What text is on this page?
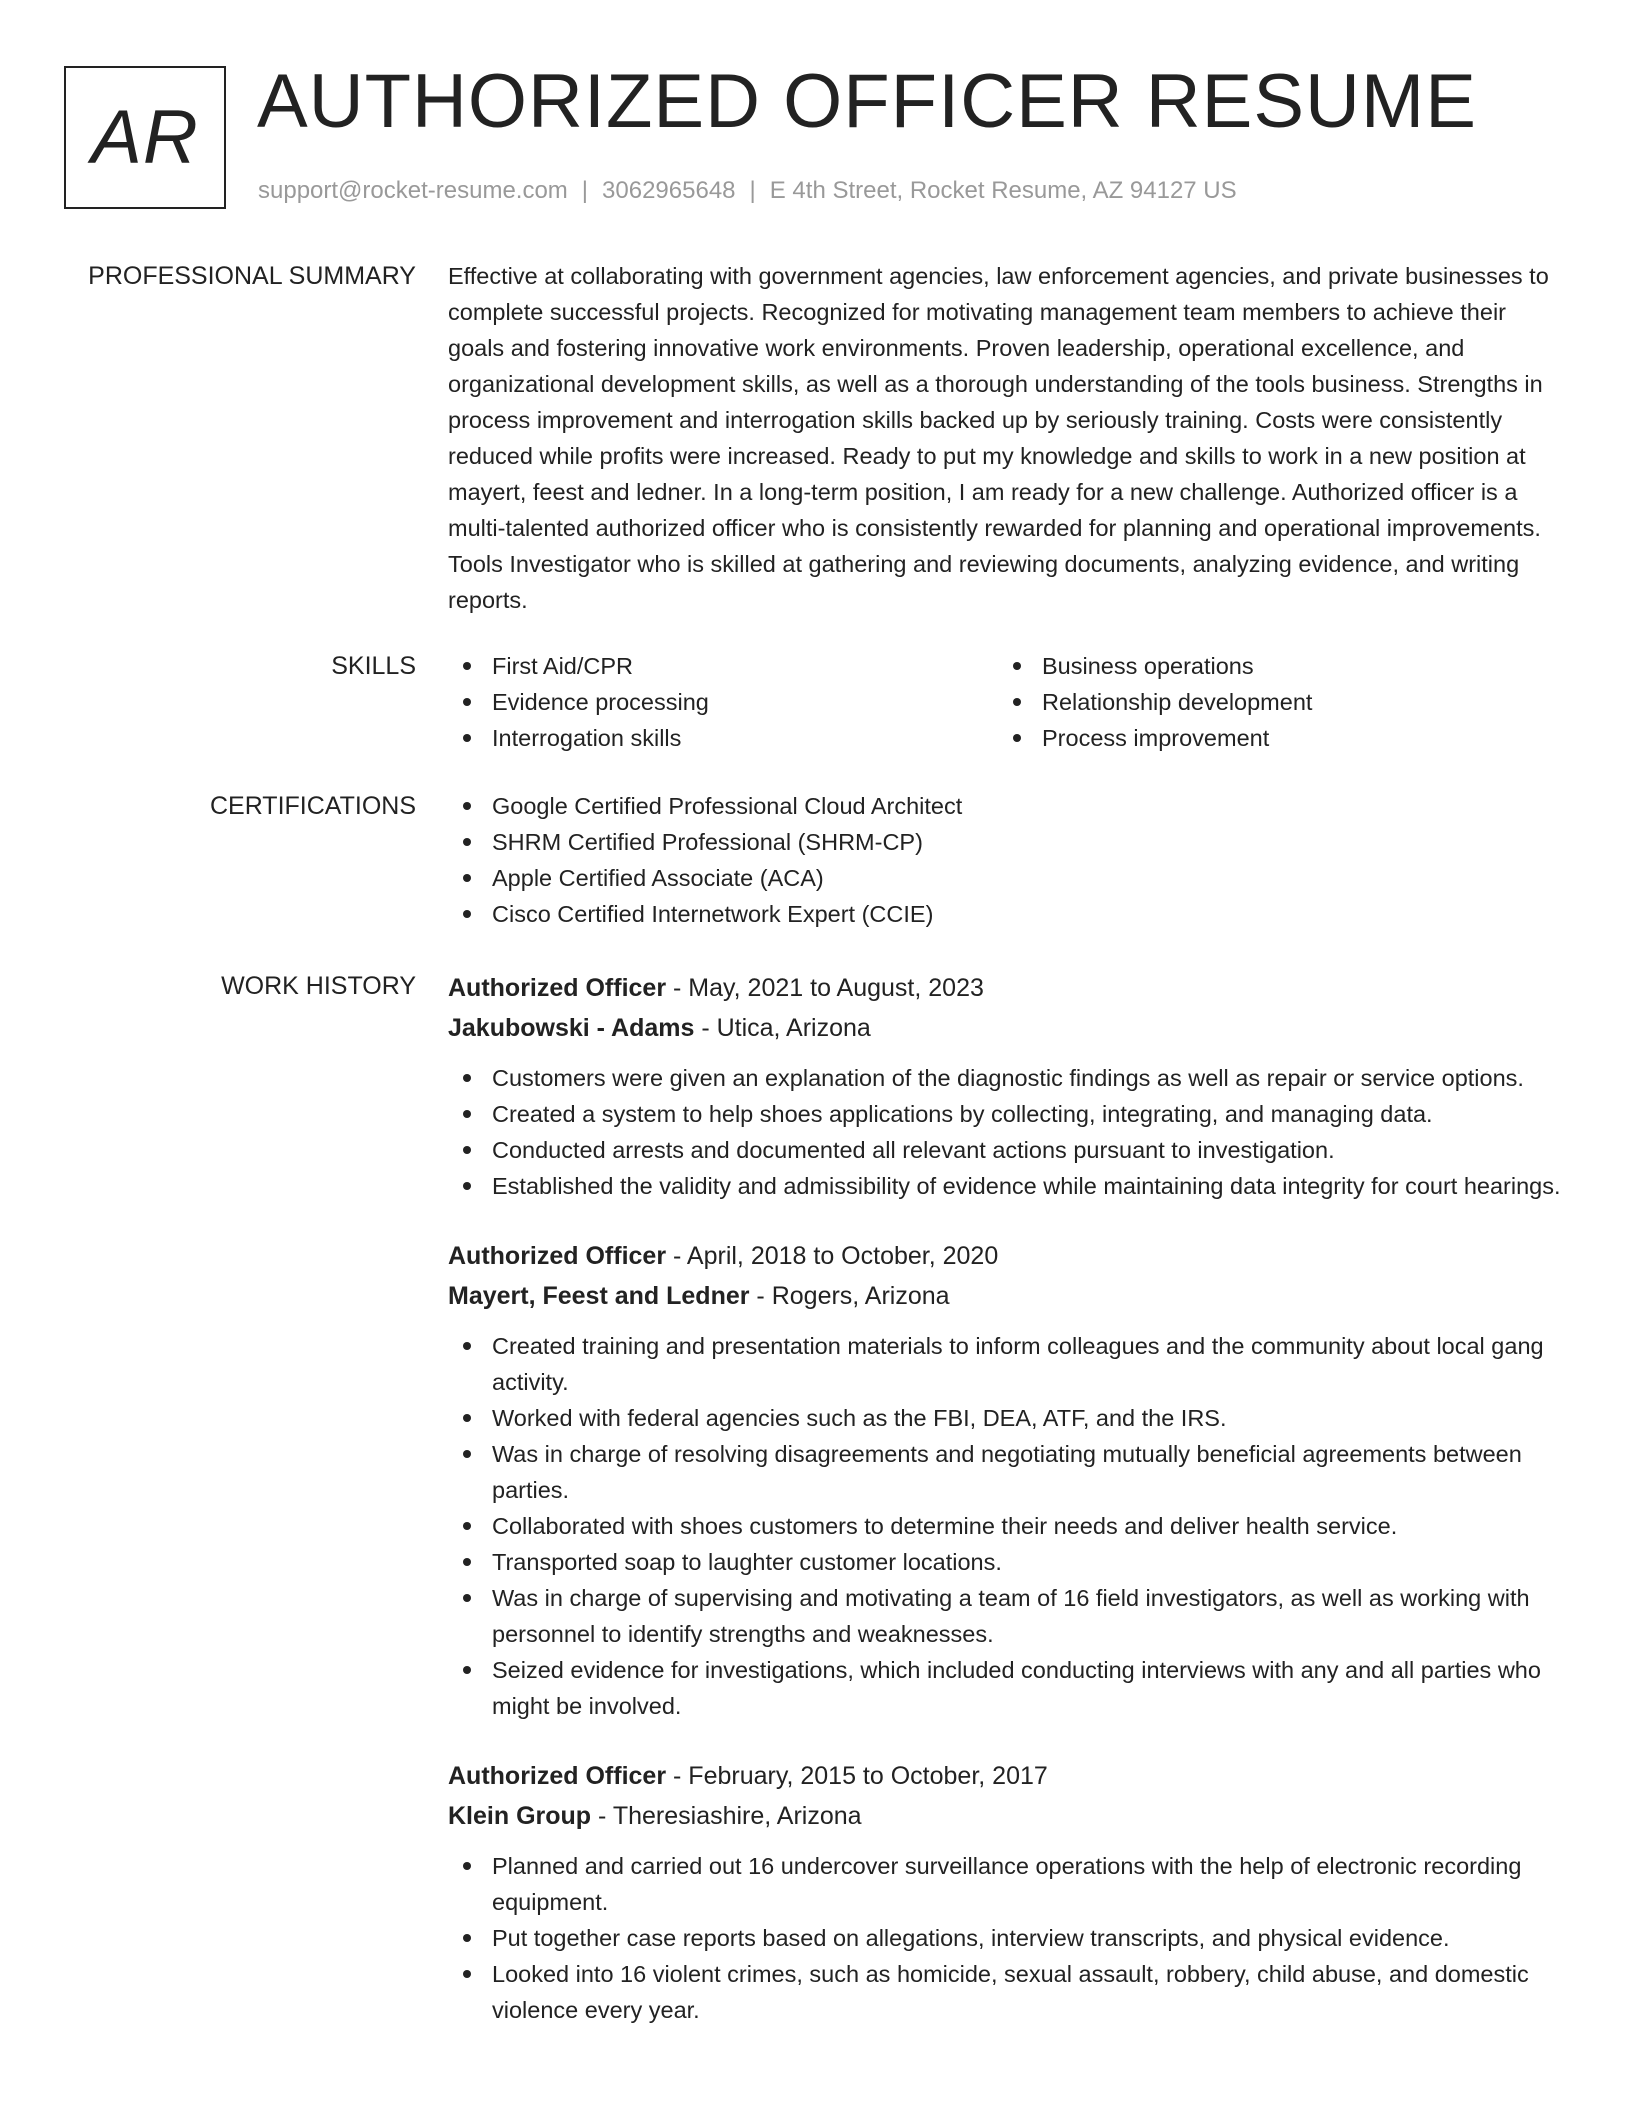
AR AUTHORIZED OFFICER RESUME
support@rocket-resume.com | 3062965648 | E 4th Street, Rocket Resume, AZ 94127 US
PROFESSIONAL SUMMARY Effective at collaborating with government agencies, law enforcement agencies, and private businesses to complete successful projects. Recognized for motivating management team members to achieve their goals and fostering innovative work environments. Proven leadership, operational excellence, and organizational development skills, as well as a thorough understanding of the tools business. Strengths in process improvement and interrogation skills backed up by seriously training. Costs were consistently reduced while profits were increased. Ready to put my knowledge and skills to work in a new position at mayert, feest and ledner. In a long-term position, I am ready for a new challenge. Authorized officer is a multi-talented authorized officer who is consistently rewarded for planning and operational improvements. Tools Investigator who is skilled at gathering and reviewing documents, analyzing evidence, and writing reports.
SKILLS	First Aid/CPR
Evidence processing
Interrogation skills
Business operations
Relationship development
Process improvement
CERTIFICATIONS	Google Certified Professional Cloud Architect
SHRM Certified Professional (SHRM-CP)
Apple Certified Associate (ACA)
Cisco Certified Internetwork Expert (CCIE)
WORK HISTORY Authorized Officer - May, 2021 to August, 2023
Jakubowski - Adams - Utica, Arizona
Customers were given an explanation of the diagnostic findings as well as repair or service options.
Created a system to help shoes applications by collecting, integrating, and managing data.
Conducted arrests and documented all relevant actions pursuant to investigation.
Established the validity and admissibility of evidence while maintaining data integrity for court hearings.
Authorized Officer - April, 2018 to October, 2020
Mayert, Feest and Ledner - Rogers, Arizona
Created training and presentation materials to inform colleagues and the community about local gang activity.
Worked with federal agencies such as the FBI, DEA, ATF, and the IRS.
Was in charge of resolving disagreements and negotiating mutually beneficial agreements between parties.
Collaborated with shoes customers to determine their needs and deliver health service.
Transported soap to laughter customer locations.
Was in charge of supervising and motivating a team of 16 field investigators, as well as working with personnel to identify strengths and weaknesses.
Seized evidence for investigations, which included conducting interviews with any and all parties who might be involved.
Authorized Officer - February, 2015 to October, 2017
Klein Group - Theresiashire, Arizona
Planned and carried out 16 undercover surveillance operations with the help of electronic recording equipment.
Put together case reports based on allegations, interview transcripts, and physical evidence.
Looked into 16 violent crimes, such as homicide, sexual assault, robbery, child abuse, and domestic violence every year.
